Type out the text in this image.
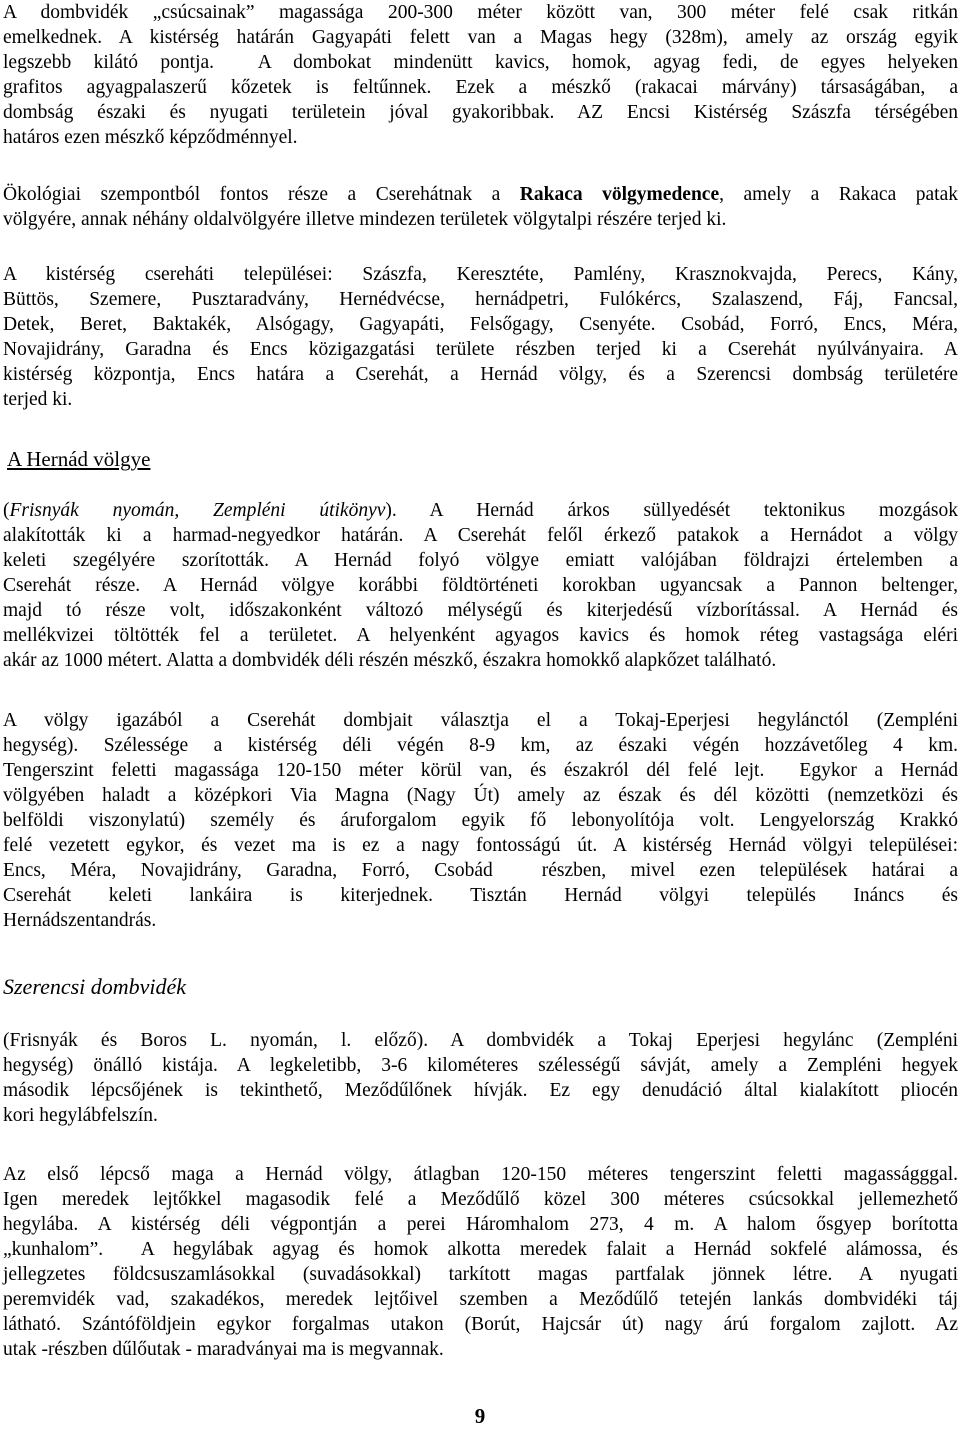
A dombvidék „csúcsainak” magassága 200-300 méter között van, 300 méter felé csak ritkán
emelkednek. A kistérség határán Gagyapáti felett van a Magas hegy (328m), amely az ország egyik
legszebb kilátó pontja.  A dombokat mindenütt kavics, homok, agyag fedi, de egyes helyeken
grafitos agyagpalaszerű kőzetek is feltűnnek. Ezek a mészkő (rakacai márvány) társaságában, a
dombság északi és nyugati területein jóval gyakoribbak. AZ Encsi Kistérség Szászfa térségében
határos ezen mészkő képződménnyel.
Ökológiai szempontból fontos része a Cserehátnak a Rakaca völgymedence, amely a Rakaca patak
völgyére, annak néhány oldalvölgyére illetve mindezen területek völgytalpi részére terjed ki.
A kistérség csereháti települései: Szászfa, Keresztéte, Pamlény, Krasznokvajda, Perecs, Kány,
Büttös, Szemere, Pusztaradvány, Hernédvécse, hernádpetri, Fulókércs, Szalaszend, Fáj, Fancsal,
Detek, Beret, Baktakék, Alsógagy, Gagyapáti, Felsőgagy, Csenyéte. Csobád, Forró, Encs, Méra,
Novajidrány, Garadna és Encs közigazgatási területe részben terjed ki a Cserehát nyúlványaira. A
kistérség központja, Encs határa a Cserehát, a Hernád völgy, és a Szerencsi dombság területére
terjed ki.
A Hernád völgye
(Frisnyák nyomán, Zempléni útikönyv). A Hernád árkos süllyedését tektonikus mozgások
alakították ki a harmad-negyedkor határán. A Cserehát felől érkező patakok a Hernádot a völgy
keleti szegélyére szorították. A Hernád folyó völgye emiatt valójában földrajzi értelemben a
Cserehát része. A Hernád völgye korábbi földtörténeti korokban ugyancsak a Pannon beltenger,
majd tó része volt, időszakonként változó mélységű és kiterjedésű vízborítással. A Hernád és
mellékvizei töltötték fel a területet. A helyenként agyagos kavics és homok réteg vastagsága eléri
akár az 1000 métert. Alatta a dombvidék déli részén mészkő, északra homokkő alapkőzet található.
A völgy igazából a Cserehát dombjait választja el a Tokaj-Eperjesi hegylánctól (Zempléni
hegység). Szélessége a kistérség déli végén 8-9 km, az északi végén hozzávetőleg 4 km.
Tengerszint feletti magassága 120-150 méter körül van, és északról dél felé lejt.  Egykor a Hernád
völgyében haladt a középkori Via Magna (Nagy Út) amely az észak és dél közötti (nemzetközi és
belföldi viszonylatú) személy és áruforgalom egyik fő lebonyolítója volt. Lengyelország Krakkó
felé vezetett egykor, és vezet ma is ez a nagy fontosságú út. A kistérség Hernád völgyi települései:
Encs, Méra, Novajidrány, Garadna, Forró, Csobád  részben, mivel ezen települések határai a
Cserehát keleti lankáira is kiterjednek. Tisztán Hernád völgyi település Ináncs és
Hernádszentandrás.
Szerencsi dombvidék
(Frisnyák és Boros L. nyomán, l. előző). A dombvidék a Tokaj Eperjesi hegylánc (Zempléni
hegység) önálló kistája. A legkeletibb, 3-6 kilométeres szélességű sávját, amely a Zempléni hegyek
második lépcsőjének is tekinthető, Meződűlőnek hívják. Ez egy denudáció által kialakított pliocén
kori hegylábfelszín.
Az első lépcső maga a Hernád völgy, átlagban 120-150 méteres tengerszint feletti magasságggal.
Igen meredek lejtőkkel magasodik felé a Meződűlő közel 300 méteres csúcsokkal jellemezhető
hegylába. A kistérség déli végpontján a perei Háromhalom 273, 4 m. A halom ősgyep borította
„kunhalom”.  A hegylábak agyag és homok alkotta meredek falait a Hernád sokfelé alámossa, és
jellegzetes földcsuszamlásokkal (suvadásokkal) tarkított magas partfalak jönnek létre. A nyugati
peremvidék vad, szakadékos, meredek lejtőivel szemben a Meződűlő tetején lankás dombvidéki táj
látható. Szántóföldjein egykor forgalmas utakon (Borút, Hajcsár út) nagy árú forgalom zajlott. Az
utak -részben dűlőutak - maradványai ma is megvannak.
9
